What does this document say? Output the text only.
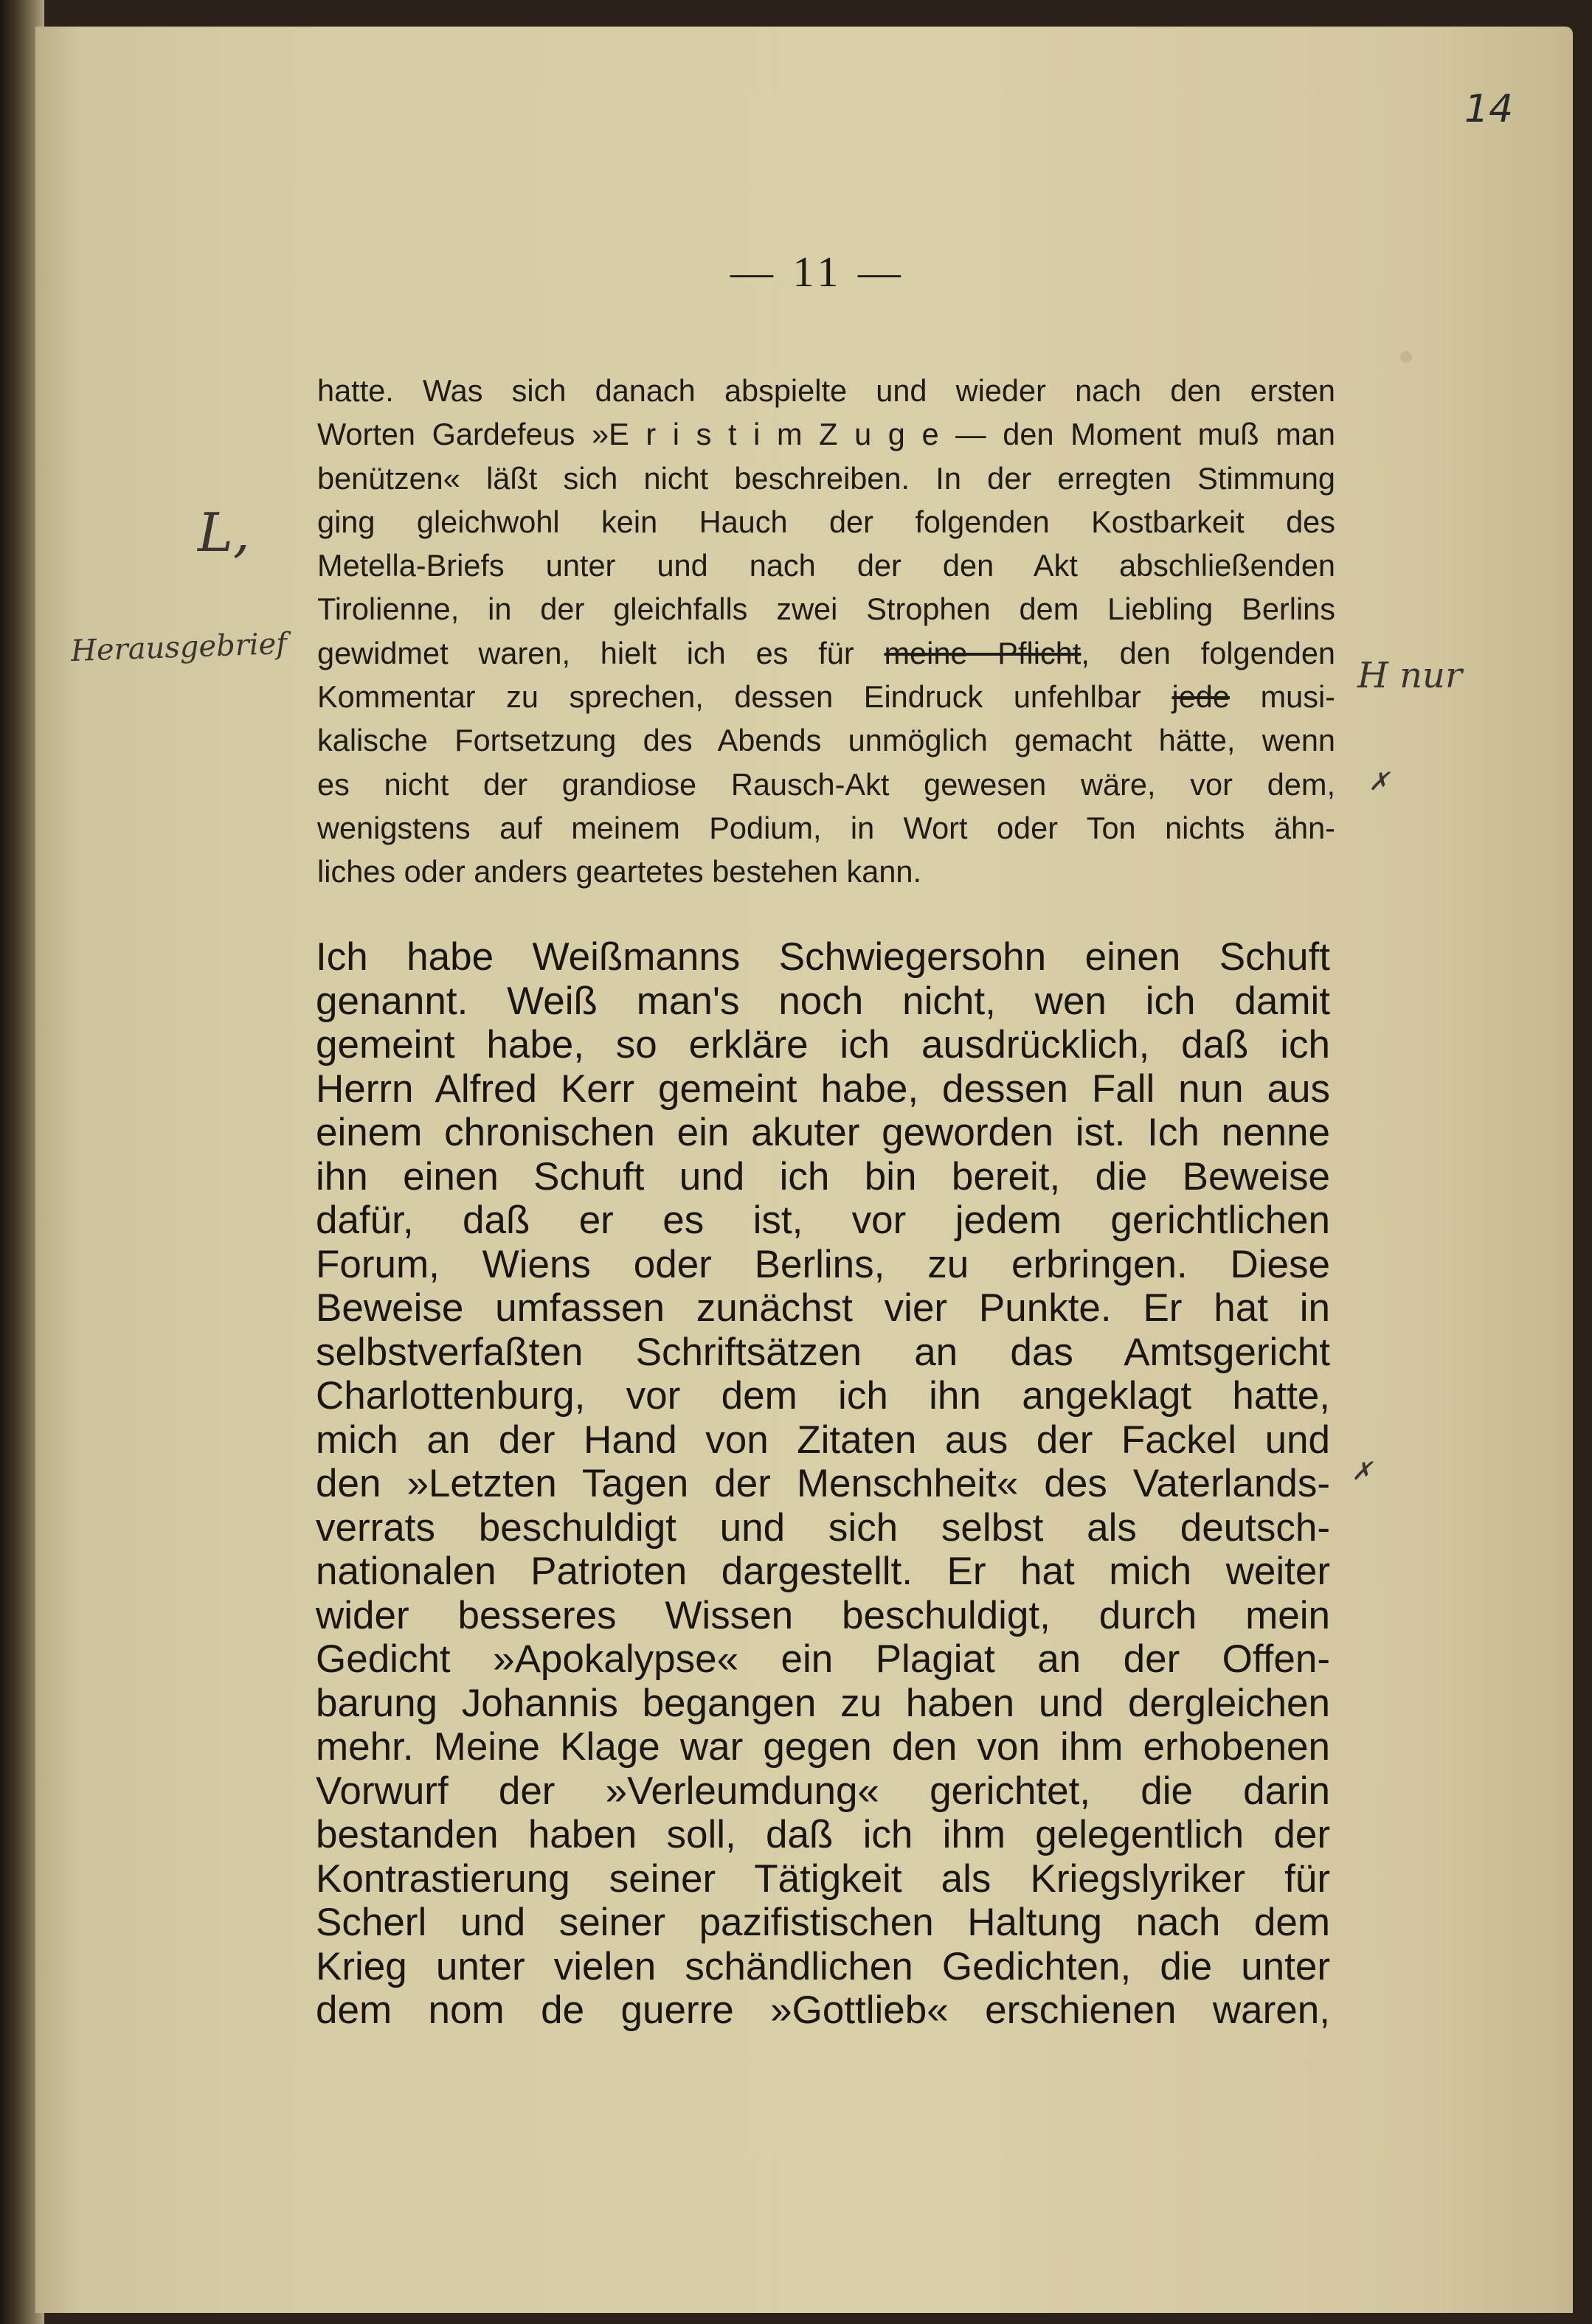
14
— 11 —
hatte. Was sich danach abspielte und wieder nach den ersten
Worten Gardefeus »E r i s t i m Z u g e — den Moment muß man
benützen« läßt sich nicht beschreiben. In der erregten Stimmung
ging gleichwohl kein Hauch der folgenden Kostbarkeit des
Metella-Briefs unter und nach der den Akt abschließenden
Tirolienne, in der gleichfalls zwei Strophen dem Liebling Berlins
gewidmet waren, hielt ich es für meine Pflicht, den folgenden
Kommentar zu sprechen, dessen Eindruck unfehlbar jede musi-
kalische Fortsetzung des Abends unmöglich gemacht hätte, wenn
es nicht der grandiose Rausch-Akt gewesen wäre, vor dem,
wenigstens auf meinem Podium, in Wort oder Ton nichts ähn-
liches oder anders geartetes bestehen kann.
Ich habe Weißmanns Schwiegersohn einen Schuft
genannt. Weiß man's noch nicht, wen ich damit
gemeint habe, so erkläre ich ausdrücklich, daß ich
Herrn Alfred Kerr gemeint habe, dessen Fall nun aus
einem chronischen ein akuter geworden ist. Ich nenne
ihn einen Schuft und ich bin bereit, die Beweise
dafür, daß er es ist, vor jedem gerichtlichen
Forum, Wiens oder Berlins, zu erbringen. Diese
Beweise umfassen zunächst vier Punkte. Er hat in
selbstverfaßten Schriftsätzen an das Amtsgericht
Charlottenburg, vor dem ich ihn angeklagt hatte,
mich an der Hand von Zitaten aus der Fackel und
den »Letzten Tagen der Menschheit« des Vaterlands-
verrats beschuldigt und sich selbst als deutsch-
nationalen Patrioten dargestellt. Er hat mich weiter
wider besseres Wissen beschuldigt, durch mein
Gedicht »Apokalypse« ein Plagiat an der Offen-
barung Johannis begangen zu haben und dergleichen
mehr. Meine Klage war gegen den von ihm erhobenen
Vorwurf der »Verleumdung« gerichtet, die darin
bestanden haben soll, daß ich ihm gelegentlich der
Kontrastierung seiner Tätigkeit als Kriegslyriker für
Scherl und seiner pazifistischen Haltung nach dem
Krieg unter vielen schändlichen Gedichten, die unter
dem nom de guerre »Gottlieb« erschienen waren,
L,
Herausgebrief
H nur
✗
✗
